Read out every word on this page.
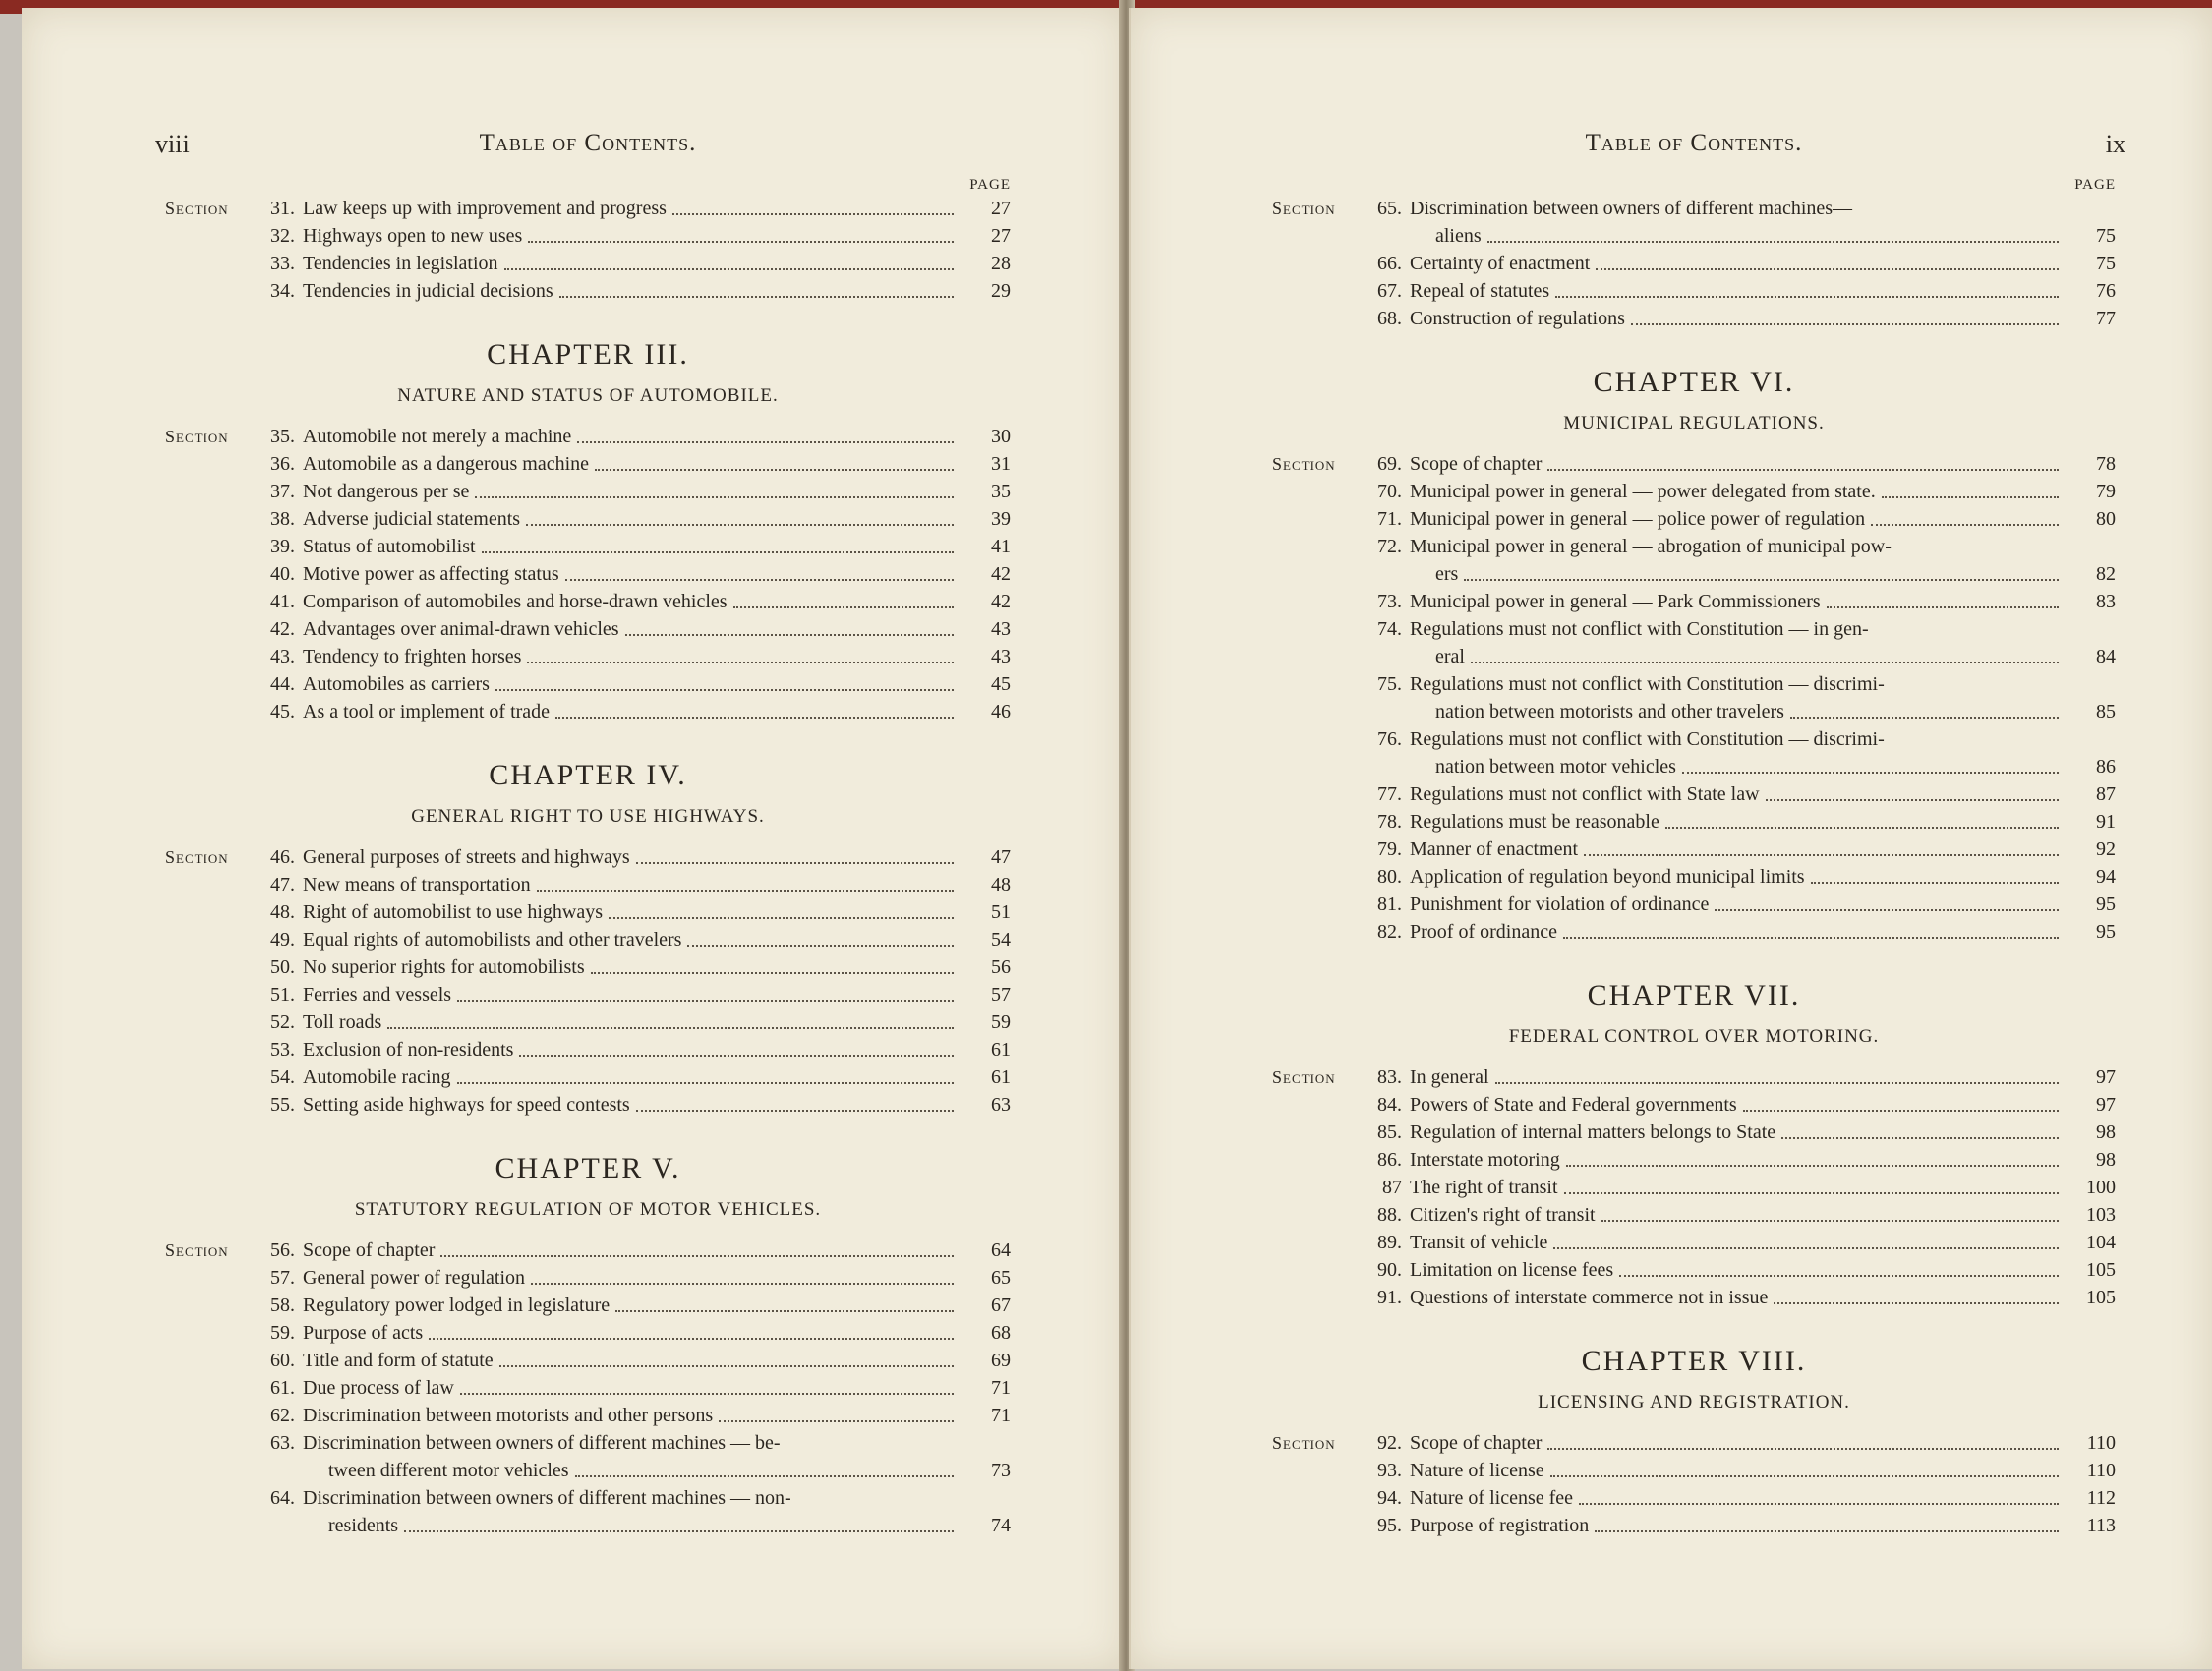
viii	Table of Contents.
PAGE
Section	31. Law keeps up with improvement and progress	27
32. Highways open to new uses	27
33. Tendencies in legislation	28
34. Tendencies in judicial decisions	29
CHAPTER III.
NATURE AND STATUS OF AUTOMOBILE.
Section	35. Automobile not merely a machine	30
36. Automobile as a dangerous machine	31
37. Not dangerous per se	35
38. Adverse judicial statements	39
39. Status of automobilist	41
40. Motive power as affecting status	42
41. Comparison of automobiles and horse-drawn vehicles	42
42. Advantages over animal-drawn vehicles	43
43. Tendency to frighten horses	43
44. Automobiles as carriers	45
45. As a tool or implement of trade	46
CHAPTER IV.
GENERAL RIGHT TO USE HIGHWAYS.
Section	46. General purposes of streets and highways	47
47. New means of transportation	48
48. Right of automobilist to use highways	51
49. Equal rights of automobilists and other travelers	54
50. No superior rights for automobilists	56
51. Ferries and vessels	57
52. Toll roads	59
53. Exclusion of non-residents	61
54. Automobile racing	61
55. Setting aside highways for speed contests	63
CHAPTER V.
STATUTORY REGULATION OF MOTOR VEHICLES.
Section	56. Scope of chapter	64
57. General power of regulation	65
58. Regulatory power lodged in legislature	67
59. Purpose of acts	68
60. Title and form of statute	69
61. Due process of law	71
62. Discrimination between motorists and other persons	71
63. Discrimination between owners of different machines — be-
tween different motor vehicles	73
64. Discrimination between owners of different machines — non-
residents	74
Table of Contents.	ix
PAGE
Section	65. Discrimination between owners of different machines—
aliens	75
66. Certainty of enactment	75
67. Repeal of statutes	76
68. Construction of regulations	77
CHAPTER VI.
MUNICIPAL REGULATIONS.
Section	69. Scope of chapter	78
70. Municipal power in general — power delegated from state.	79
71. Municipal power in general — police power of regulation	80
72. Municipal power in general — abrogation of municipal pow-
ers	82
73. Municipal power in general — Park Commissioners	83
74. Regulations must not conflict with Constitution — in gen-
eral	84
75. Regulations must not conflict with Constitution — discrimi-
nation between motorists and other travelers	85
76. Regulations must not conflict with Constitution — discrimi-
nation between motor vehicles	86
77. Regulations must not conflict with State law	87
78. Regulations must be reasonable	91
79. Manner of enactment	92
80. Application of regulation beyond municipal limits	94
81. Punishment for violation of ordinance	95
82. Proof of ordinance	95
CHAPTER VII.
FEDERAL CONTROL OVER MOTORING.
Section	83. In general	97
84. Powers of State and Federal governments	97
85. Regulation of internal matters belongs to State	98
86. Interstate motoring	98
87 The right of transit	100
88. Citizen's right of transit	103
89. Transit of vehicle	104
90. Limitation on license fees	105
91. Questions of interstate commerce not in issue	105
CHAPTER VIII.
LICENSING AND REGISTRATION.
Section	92. Scope of chapter	110
93. Nature of license	110
94. Nature of license fee	112
95. Purpose of registration	113
